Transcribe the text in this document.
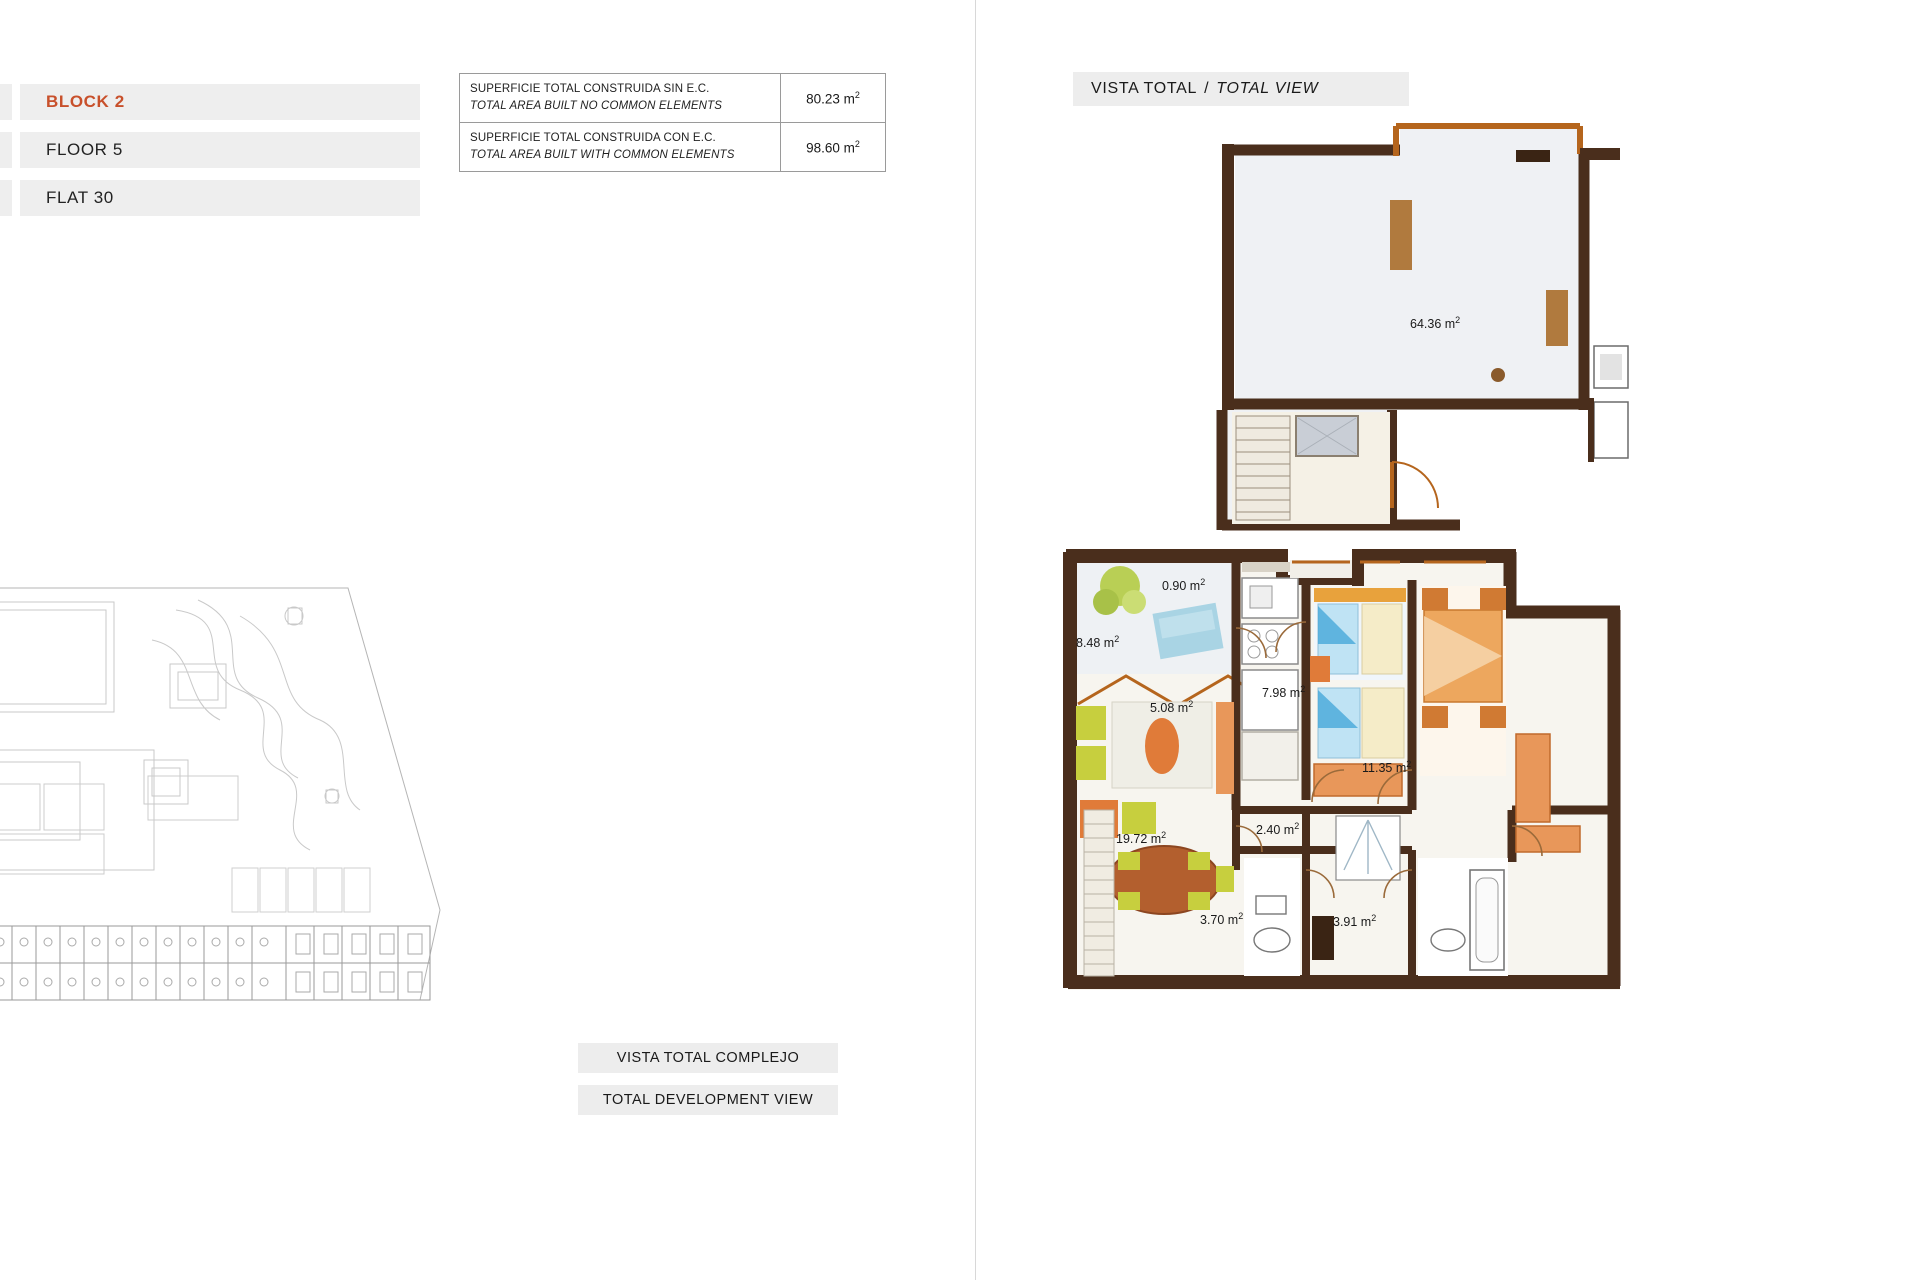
BLOCK 2
FLOOR 5
FLAT 30
SUPERFICIE TOTAL CONSTRUIDA SIN E.C.
TOTAL AREA BUILT NO COMMON ELEMENTS	80.23 $m^2$

SUPERFICIE TOTAL CONSTRUIDA CON E.C.
TOTAL AREA BUILT WITH COMMON ELEMENTS	98.60 $m^2$
VISTA TOTAL COMPLEJO
TOTAL DEVELOPMENT VIEW
VISTA TOTAL / TOTAL VIEW
64.36 $m^2$
0.90 $m^2$
8.48 $m^2$
5.08 $m^2$
7.98 $m^2$
11.35 $m^2$
2.40 $m^2$
19.72 $m^2$
3.70 $m^2$	3.91 $m^2$
